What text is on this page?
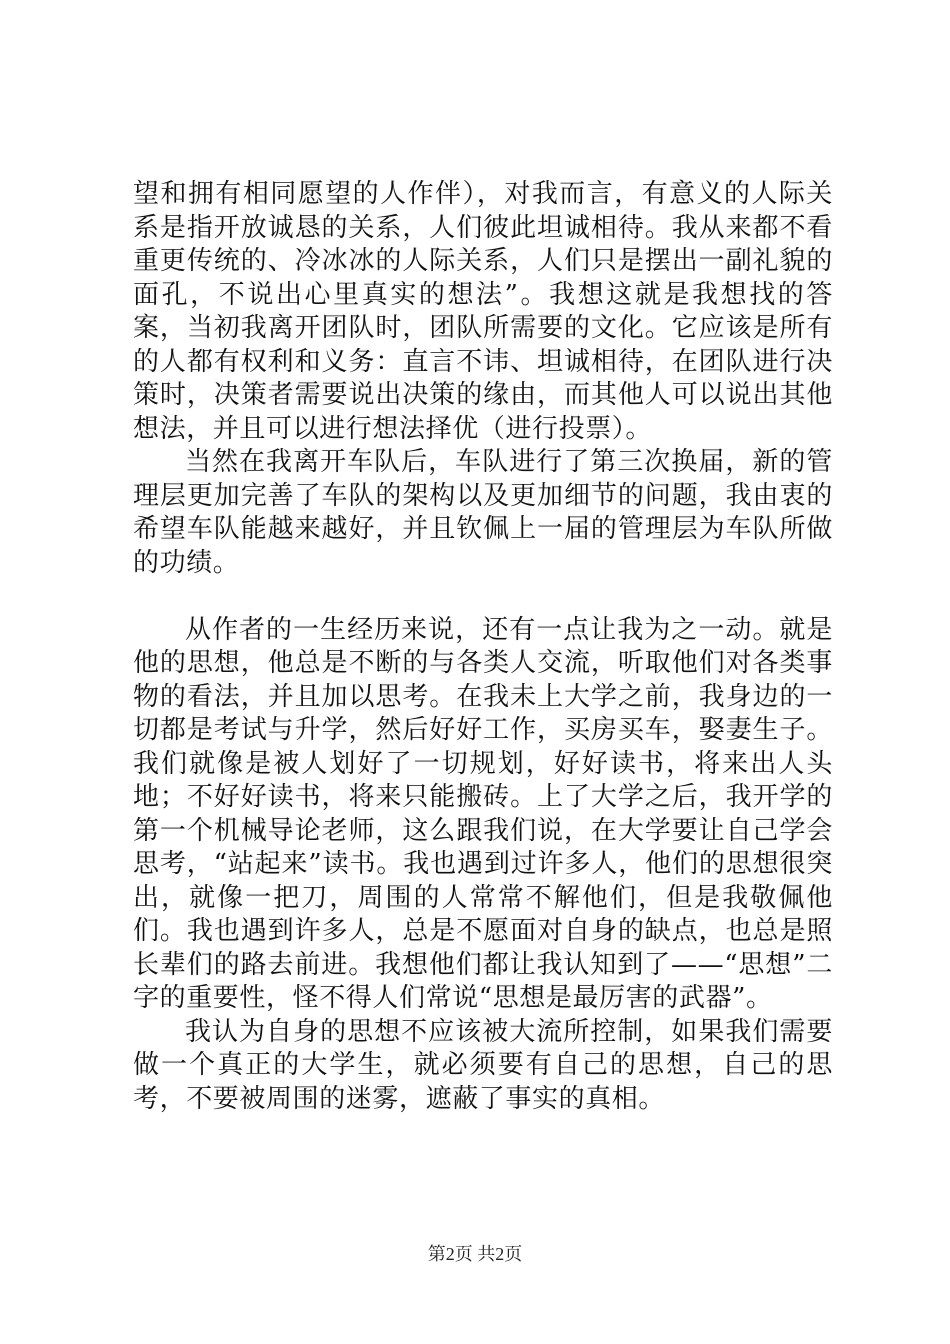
望和拥有相同愿望的人作伴），对我而言，有意义的人际关系是指开放诚恳的关系，人们彼此坦诚相待。我从来都不看重更传统的、冷冰冰的人际关系，人们只是摆出一副礼貌的面孔，不说出心里真实的想法”。我想这就是我想找的答案，当初我离开团队时，团队所需要的文化。它应该是所有的人都有权利和义务：直言不讳、坦诚相待，在团队进行决策时，决策者需要说出决策的缘由，而其他人可以说出其他想法，并且可以进行想法择优（进行投票）。

当然在我离开车队后，车队进行了第三次换届，新的管理层更加完善了车队的架构以及更加细节的问题，我由衷的希望车队能越来越好，并且钦佩上一届的管理层为车队所做的功绩。

从作者的一生经历来说，还有一点让我为之一动。就是他的思想，他总是不断的与各类人交流，听取他们对各类事物的看法，并且加以思考。在我未上大学之前，我身边的一切都是考试与升学，然后好好工作，买房买车，娶妻生子。我们就像是被人划好了一切规划，好好读书，将来出人头地；不好好读书，将来只能搬砖。上了大学之后，我开学的第一个机械导论老师，这么跟我们说，在大学要让自己学会思考，“站起来”读书。我也遇到过许多人，他们的思想很突出，就像一把刀，周围的人常常不解他们，但是我敬佩他们。我也遇到许多人，总是不愿面对自身的缺点，也总是照长辈们的路去前进。我想他们都让我认知到了——“思想”二字的重要性，怪不得人们常说“思想是最厉害的武器”。

我认为自身的思想不应该被大流所控制，如果我们需要做一个真正的大学生，就必须要有自己的思想，自己的思考，不要被周围的迷雾，遮蔽了事实的真相。

第2页 共2页
